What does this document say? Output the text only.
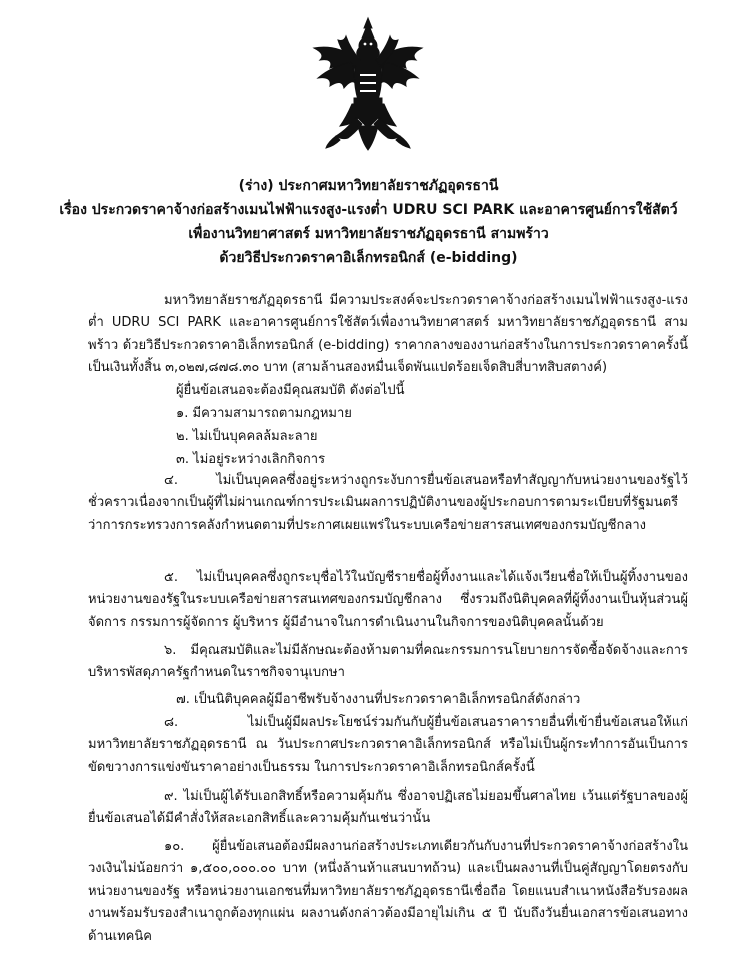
(ร่าง) ประกาศมหาวิทยาลัยราชภัฏอุดรธานี
เรื่อง ประกวดราคาจ้างก่อสร้างเมนไฟฟ้าแรงสูง-แรงต่ำ UDRU SCI PARK และอาคารศูนย์การใช้สัตว์
เพื่องานวิทยาศาสตร์ มหาวิทยาลัยราชภัฏอุดรธานี สามพร้าว
ด้วยวิธีประกวดราคาอิเล็กทรอนิกส์ (e-bidding)
มหาวิทยาลัยราชภัฏอุดรธานี มีความประสงค์จะประกวดราคาจ้างก่อสร้างเมนไฟฟ้าแรงสูง-แรงต่ำ UDRU SCI PARK และอาคารศูนย์การใช้สัตว์เพื่องานวิทยาศาสตร์ มหาวิทยาลัยราชภัฏอุดรธานี สามพร้าว ด้วยวิธีประกวดราคาอิเล็กทรอนิกส์ (e-bidding) ราคากลางของงานก่อสร้างในการประกวดราคาครั้งนี้เป็นเงินทั้งสิ้น ๓,๐๒๗,๘๗๘.๓๐ บาท (สามล้านสองหมื่นเจ็ดพันแปดร้อยเจ็ดสิบสี่บาทสิบสตางค์)
ผู้ยื่นข้อเสนอจะต้องมีคุณสมบัติ ดังต่อไปนี้
๑. มีความสามารถตามกฎหมาย
๒. ไม่เป็นบุคคลล้มละลาย
๓. ไม่อยู่ระหว่างเลิกกิจการ
๔. ไม่เป็นบุคคลซึ่งอยู่ระหว่างถูกระงับการยื่นข้อเสนอหรือทำสัญญากับหน่วยงานของรัฐไว้ชั่วคราวเนื่องจากเป็นผู้ที่ไม่ผ่านเกณฑ์การประเมินผลการปฏิบัติงานของผู้ประกอบการตามระเบียบที่รัฐมนตรีว่าการกระทรวงการคลังกำหนดตามที่ประกาศเผยแพร่ในระบบเครือข่ายสารสนเทศของกรมบัญชีกลาง
๕. ไม่เป็นบุคคลซึ่งถูกระบุชื่อไว้ในบัญชีรายชื่อผู้ทิ้งงานและได้แจ้งเวียนชื่อให้เป็นผู้ทิ้งงานของหน่วยงานของรัฐในระบบเครือข่ายสารสนเทศของกรมบัญชีกลาง ซึ่งรวมถึงนิติบุคคลที่ผู้ทิ้งงานเป็นหุ้นส่วนผู้จัดการ กรรมการผู้จัดการ ผู้บริหาร ผู้มีอำนาจในการดำเนินงานในกิจการของนิติบุคคลนั้นด้วย
๖. มีคุณสมบัติและไม่มีลักษณะต้องห้ามตามที่คณะกรรมการนโยบายการจัดซื้อจัดจ้างและการบริหารพัสดุภาครัฐกำหนดในราชกิจจานุเบกษา
๗. เป็นนิติบุคคลผู้มีอาชีพรับจ้างงานที่ประกวดราคาอิเล็กทรอนิกส์ดังกล่าว
๘. ไม่เป็นผู้มีผลประโยชน์ร่วมกันกับผู้ยื่นข้อเสนอราคารายอื่นที่เข้ายื่นข้อเสนอให้แก่มหาวิทยาลัยราชภัฏอุดรธานี ณ วันประกาศประกวดราคาอิเล็กทรอนิกส์ หรือไม่เป็นผู้กระทำการอันเป็นการขัดขวางการแข่งขันราคาอย่างเป็นธรรม ในการประกวดราคาอิเล็กทรอนิกส์ครั้งนี้
๙. ไม่เป็นผู้ได้รับเอกสิทธิ์หรือความคุ้มกัน ซึ่งอาจปฏิเสธไม่ยอมขึ้นศาลไทย เว้นแต่รัฐบาลของผู้ยื่นข้อเสนอได้มีคำสั่งให้สละเอกสิทธิ์และความคุ้มกันเช่นว่านั้น
๑๐. ผู้ยื่นข้อเสนอต้องมีผลงานก่อสร้างประเภทเดียวกันกับงานที่ประกวดราคาจ้างก่อสร้างในวงเงินไม่น้อยกว่า ๑,๕๐๐,๐๐๐.๐๐ บาท (หนึ่งล้านห้าแสนบาทถ้วน) และเป็นผลงานที่เป็นคู่สัญญาโดยตรงกับหน่วยงานของรัฐ หรือหน่วยงานเอกชนที่มหาวิทยาลัยราชภัฏอุดรธานีเชื่อถือ โดยแนบสำเนาหนังสือรับรองผลงานพร้อมรับรองสำเนาถูกต้องทุกแผ่น ผลงานดังกล่าวต้องมีอายุไม่เกิน ๕ ปี นับถึงวันยื่นเอกสารข้อเสนอทางด้านเทคนิค
